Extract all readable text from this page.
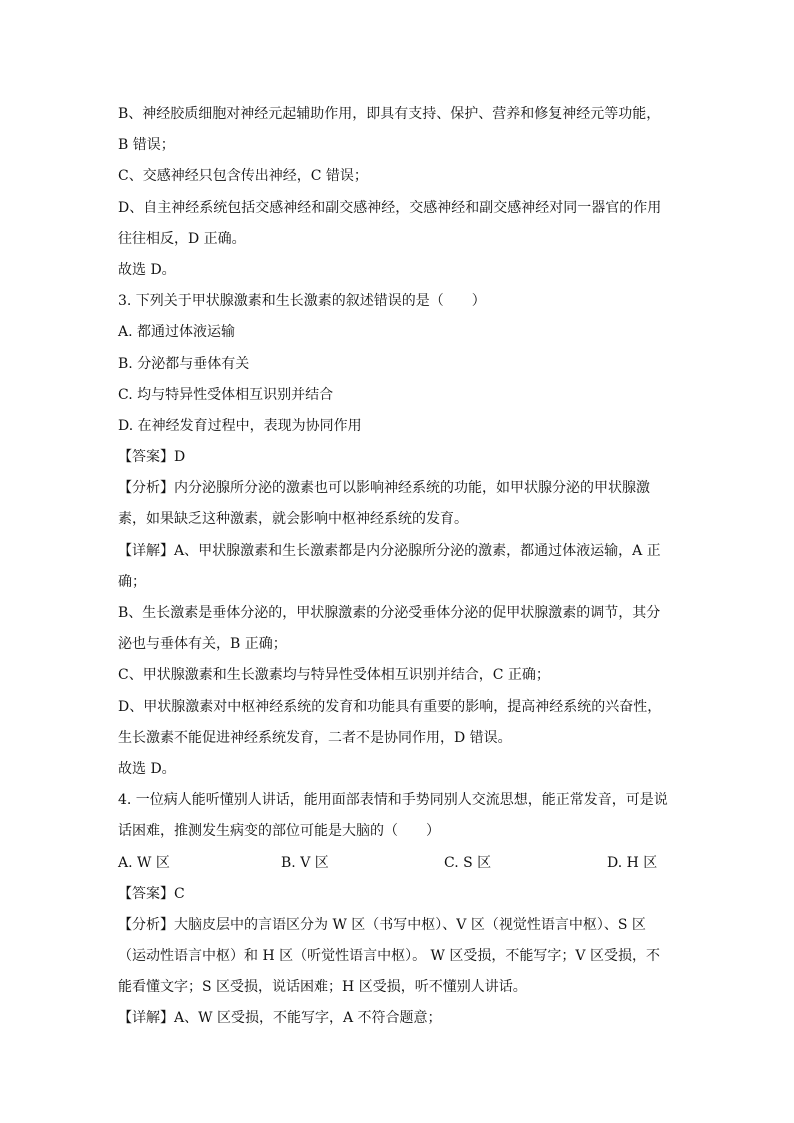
B、神经胶质细胞对神经元起辅助作用，即具有支持、保护、营养和修复神经元等功能，
B 错误；
C、交感神经只包含传出神经，C 错误；
D、自主神经系统包括交感神经和副交感神经，交感神经和副交感神经对同一器官的作用
往往相反，D 正确。
故选 D。
3. 下列关于甲状腺激素和生长激素的叙述错误的是（　　）
A. 都通过体液运输
B. 分泌都与垂体有关
C. 均与特异性受体相互识别并结合
D. 在神经发育过程中，表现为协同作用
【答案】D
【分析】内分泌腺所分泌的激素也可以影响神经系统的功能，如甲状腺分泌的甲状腺激
素，如果缺乏这种激素，就会影响中枢神经系统的发育。
【详解】A、甲状腺激素和生长激素都是内分泌腺所分泌的激素，都通过体液运输，A 正
确；
B、生长激素是垂体分泌的，甲状腺激素的分泌受垂体分泌的促甲状腺激素的调节，其分
泌也与垂体有关，B 正确；
C、甲状腺激素和生长激素均与特异性受体相互识别并结合，C 正确；
D、甲状腺激素对中枢神经系统的发育和功能具有重要的影响，提高神经系统的兴奋性，
生长激素不能促进神经系统发育，二者不是协同作用，D 错误。
故选 D。
4. 一位病人能听懂别人讲话，能用面部表情和手势同别人交流思想，能正常发音，可是说
话困难，推测发生病变的部位可能是大脑的（　　）
A. W 区	B. V 区	C. S 区	D. H 区
【答案】C
【分析】大脑皮层中的言语区分为 W 区（书写中枢）、V 区（视觉性语言中枢）、S 区
（运动性语言中枢）和 H 区（听觉性语言中枢）。 W 区受损，不能写字；V 区受损，不
能看懂文字；S 区受损，说话困难；H 区受损，听不懂别人讲话。
【详解】A、W 区受损，不能写字，A 不符合题意；
